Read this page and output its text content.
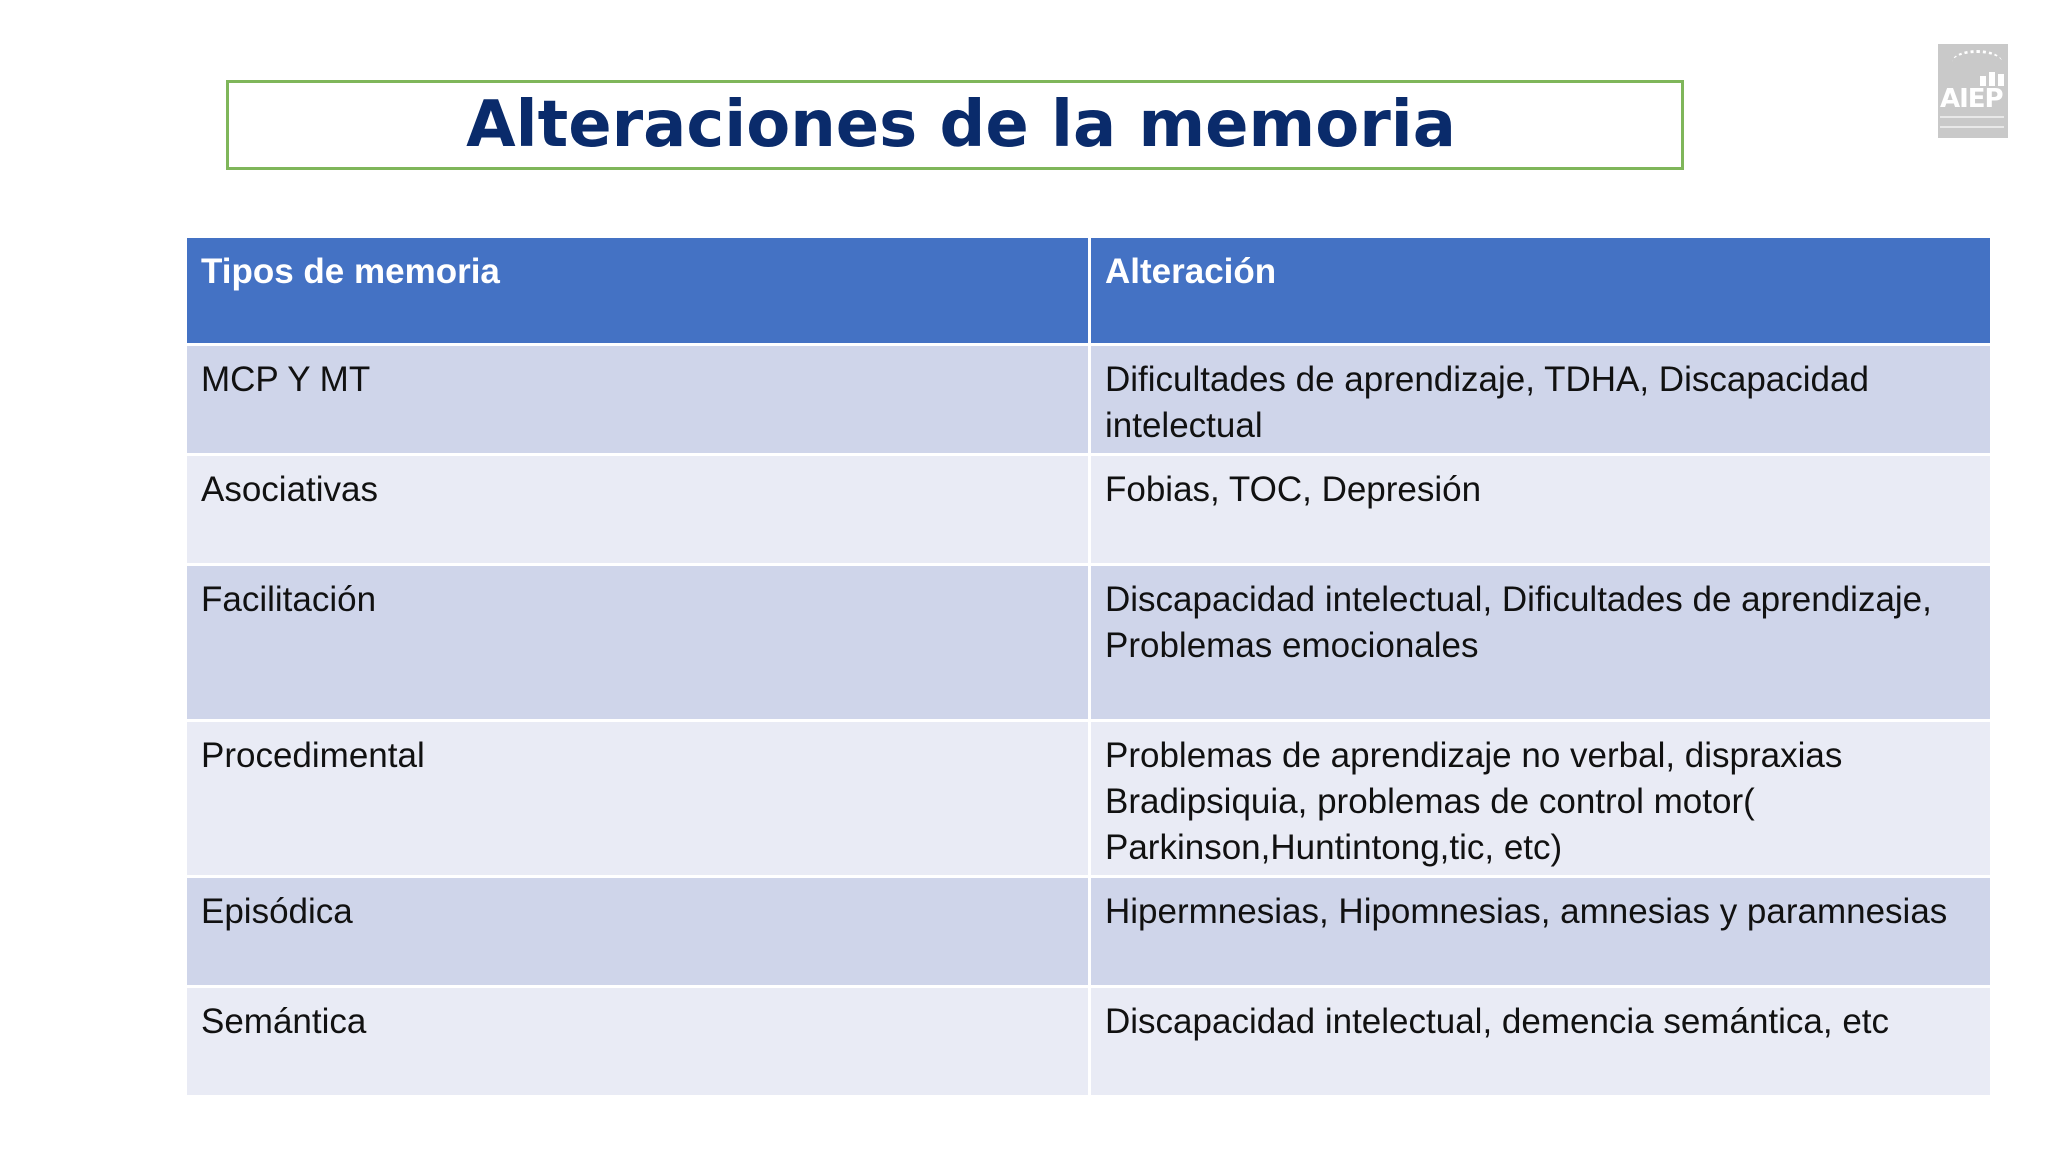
Alteraciones de la memoria	AIEP
Tipos de memoria	Alteración
MCP Y MT	Dificultades de aprendizaje, TDHA, Discapacidad intelectual
Asociativas	Fobias, TOC, Depresión
Facilitación	Discapacidad intelectual, Dificultades de aprendizaje, Problemas emocionales
Procedimental	Problemas de aprendizaje no verbal, dispraxias Bradipsiquia, problemas de control motor( Parkinson,Huntintong,tic, etc)
Episódica	Hipermnesias, Hipomnesias, amnesias y paramnesias
Semántica	Discapacidad intelectual, demencia semántica, etc
